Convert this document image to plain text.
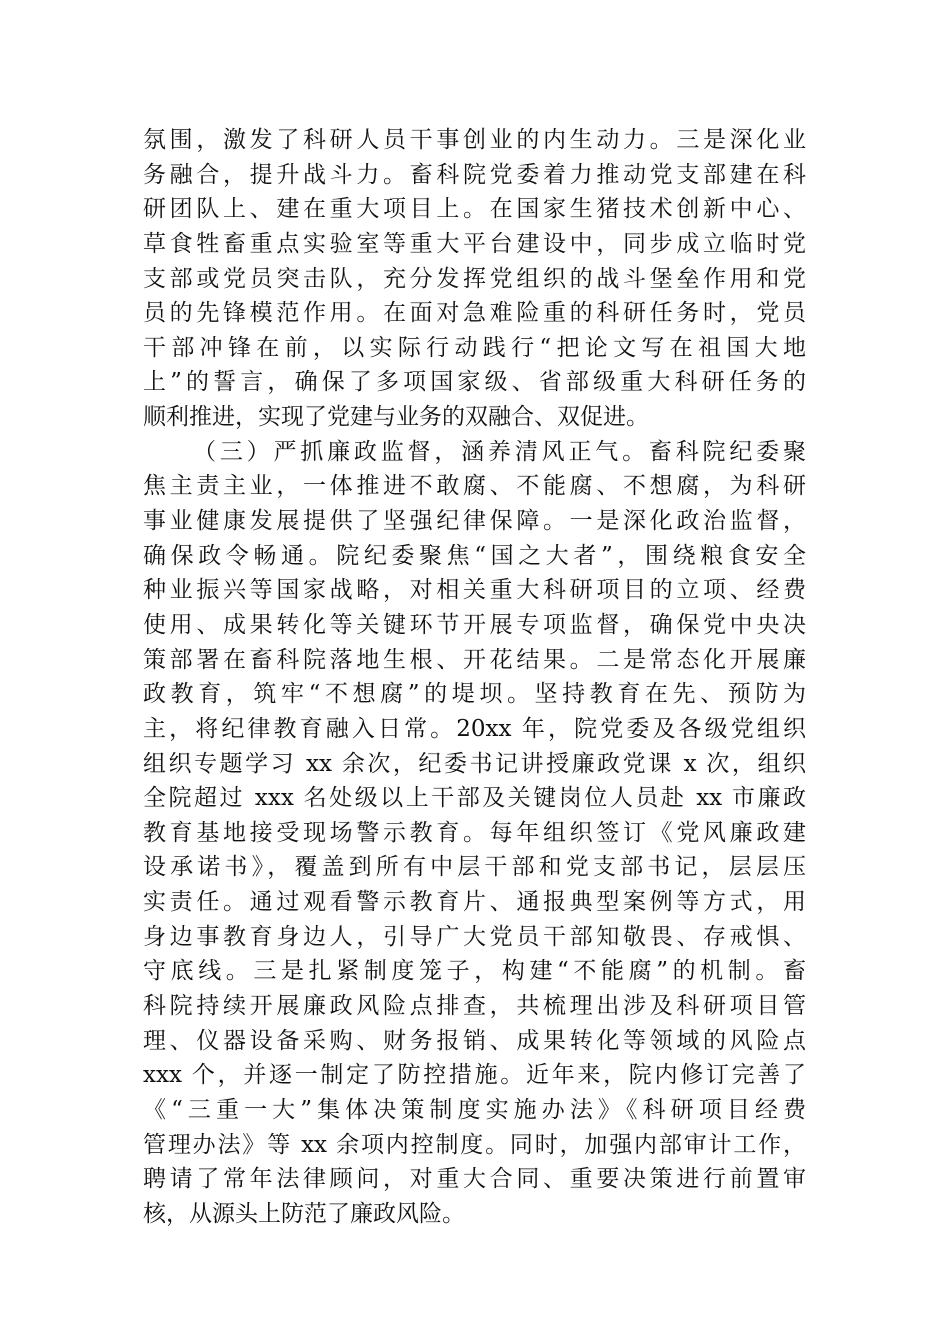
氛围，激发了科研人员干事创业的内生动力。三是深化业
务融合，提升战斗力。畜科院党委着力推动党支部建在科
研团队上、建在重大项目上。在国家生猪技术创新中心、
草食牲畜重点实验室等重大平台建设中，同步成立临时党
支部或党员突击队，充分发挥党组织的战斗堡垒作用和党
员的先锋模范作用。在面对急难险重的科研任务时，党员
干部冲锋在前，以实际行动践行“把论文写在祖国大地
上”的誓言，确保了多项国家级、省部级重大科研任务的
顺利推进，实现了党建与业务的双融合、双促进。
（三）严抓廉政监督，涵养清风正气。畜科院纪委聚
焦主责主业，一体推进不敢腐、不能腐、不想腐，为科研
事业健康发展提供了坚强纪律保障。一是深化政治监督，
确保政令畅通。院纪委聚焦“国之大者”，围绕粮食安全
种业振兴等国家战略，对相关重大科研项目的立项、经费
使用、成果转化等关键环节开展专项监督，确保党中央决
策部署在畜科院落地生根、开花结果。二是常态化开展廉
政教育，筑牢“不想腐”的堤坝。坚持教育在先、预防为
主，将纪律教育融入日常。20xx 年，院党委及各级党组织
组织专题学习 xx 余次，纪委书记讲授廉政党课 x 次，组织
全院超过 xxx 名处级以上干部及关键岗位人员赴 xx 市廉政
教育基地接受现场警示教育。每年组织签订《党风廉政建
设承诺书》，覆盖到所有中层干部和党支部书记，层层压
实责任。通过观看警示教育片、通报典型案例等方式，用
身边事教育身边人，引导广大党员干部知敬畏、存戒惧、
守底线。三是扎紧制度笼子，构建“不能腐”的机制。畜
科院持续开展廉政风险点排查，共梳理出涉及科研项目管
理、仪器设备采购、财务报销、成果转化等领域的风险点
xxx 个，并逐一制定了防控措施。近年来，院内修订完善了
《“三重一大”集体决策制度实施办法》《科研项目经费
管理办法》等 xx 余项内控制度。同时，加强内部审计工作，
聘请了常年法律顾问，对重大合同、重要决策进行前置审
核，从源头上防范了廉政风险。
